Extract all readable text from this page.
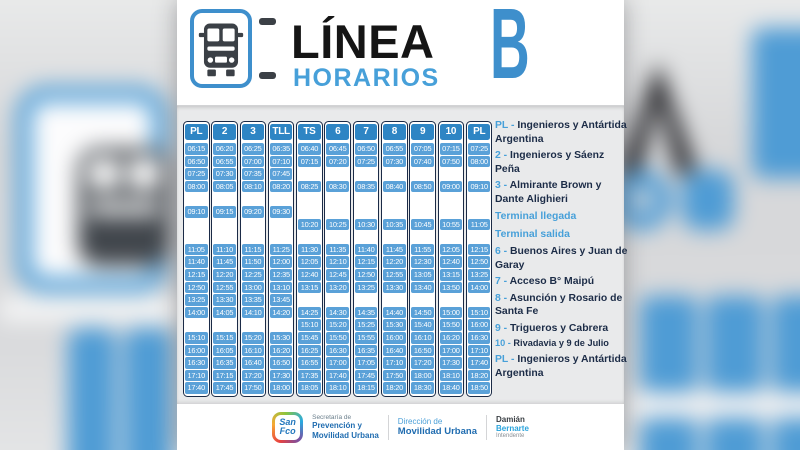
LÍNEA
HORARIOS B
PL
06:15
06:50
07:25
08:00
09:10
11:05
11:40
12:15
12:50
13:25
14:00
15:10
16:00
16:30
17:10
17:40
2
06:20
06:55
07:30
08:05
09:15
11:10
11:45
12:20
12:55
13:30
14:05
15:15
16:05
16:35
17:15
17:45
3
06:25
07:00
07:35
08:10
09:20
11:15
11:50
12:25
13:00
13:35
14:10
15:20
16:10
16:40
17:20
17:50
TLL
06:35
07:10
07:45
08:20
09:30
11:25
12:00
12:35
13:10
13:45
14:20
15:30
16:20
16:50
17:30
18:00
TS
06:40
07:15
08:25
10:20
11:30
12:05
12:40
13:15
14:25
15:10
15:45
16:25
16:55
17:35
18:05
6
06:45
07:20
08:30
10:25
11:35
12:10
12:45
13:20
14:30
15:20
15:50
16:30
17:00
17:40
18:10
7
06:50
07:25
08:35
10:30
11:40
12:15
12:50
13:25
14:35
15:25
15:55
16:35
17:05
17:45
18:15
8
06:55
07:30
08:40
10:35
11:45
12:20
12:55
13:30
14:40
15:30
16:00
16:40
17:10
17:50
18:20
9
07:05
07:40
08:50
10:45
11:55
12:30
13:05
13:40
14:50
15:40
16:10
16:50
17:20
18:00
18:30
10
07:15
07:50
09:00
10:55
12:05
12:40
13:15
13:50
15:00
15:50
16:20
17:00
17:30
18:10
18:40
PL
07:25
08:00
09:10
11:05
12:15
12:50
13:25
14:00
15:10
16:00
16:30
17:10
17:40
18:20
18:50
PL - Ingenieros y Antártida Argentina
2 - Ingenieros y Sáenz Peña
3 - Almirante Brown y Dante Alighieri
Terminal llegada
Terminal salida
6 - Buenos Aires y Juan de Garay
7 - Acceso B° Maipú
8 - Asunción y Rosario de Santa Fe
9 - Trigueros y Cabrera
10 - Rivadavia y 9 de Julio
PL - Ingenieros y Antártida Argentina
San
Fco
Secretaría de
Prevención y
Movilidad Urbana
Dirección de
Movilidad Urbana
Damián
Bernarte
Intendente
